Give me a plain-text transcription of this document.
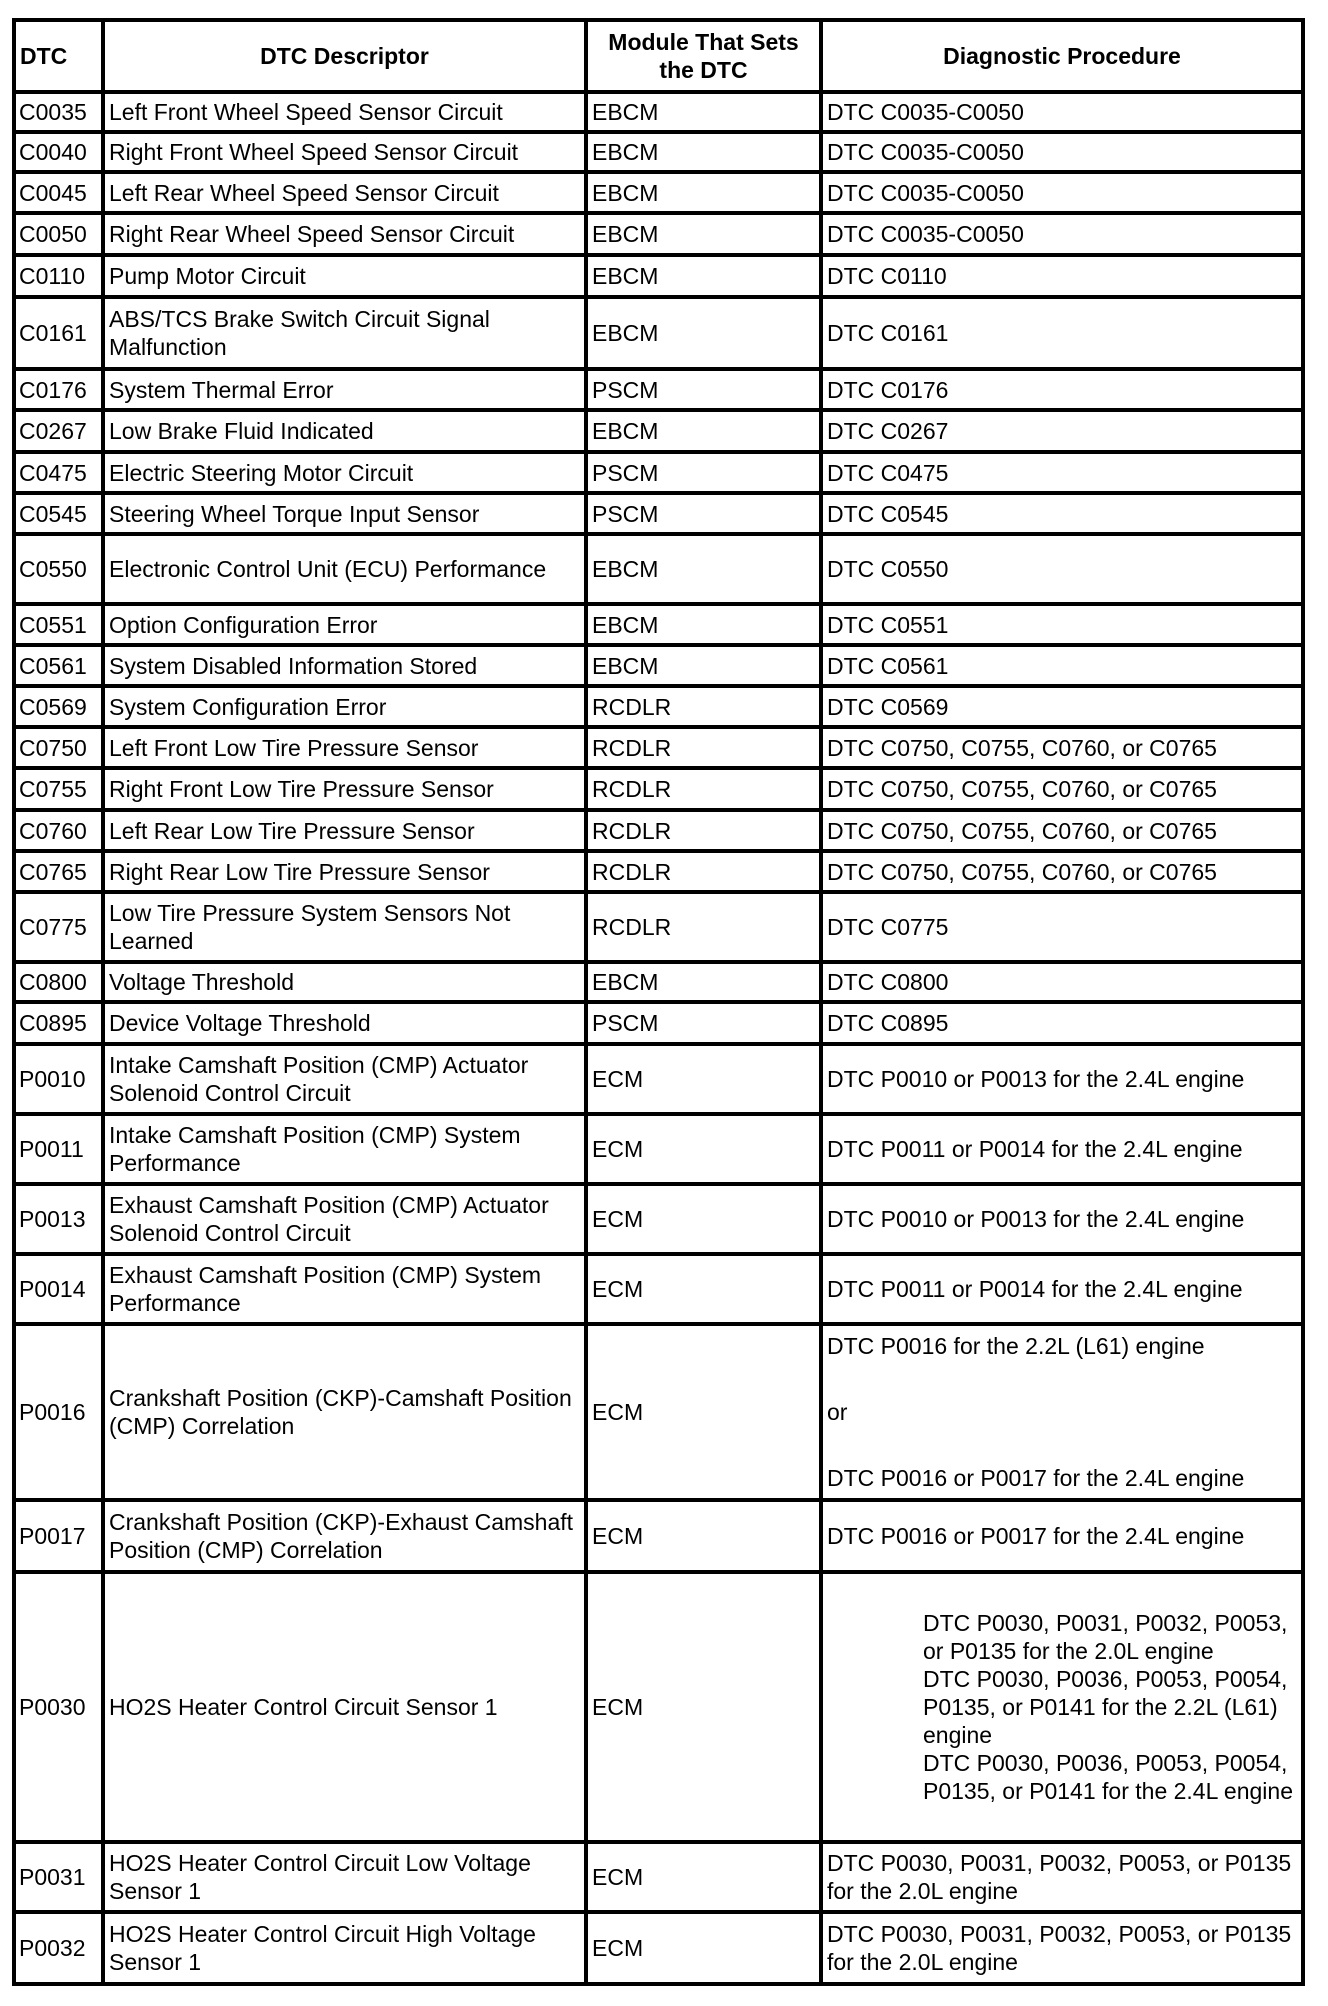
DTC	DTC Descriptor	Module That Sets the DTC	Diagnostic Procedure
C0035	Left Front Wheel Speed Sensor Circuit	EBCM	DTC C0035-C0050
C0040	Right Front Wheel Speed Sensor Circuit	EBCM	DTC C0035-C0050
C0045	Left Rear Wheel Speed Sensor Circuit	EBCM	DTC C0035-C0050
C0050	Right Rear Wheel Speed Sensor Circuit	EBCM	DTC C0035-C0050
C0110	Pump Motor Circuit	EBCM	DTC C0110
C0161	ABS/TCS Brake Switch Circuit Signal Malfunction	EBCM	DTC C0161
C0176	System Thermal Error	PSCM	DTC C0176
C0267	Low Brake Fluid Indicated	EBCM	DTC C0267
C0475	Electric Steering Motor Circuit	PSCM	DTC C0475
C0545	Steering Wheel Torque Input Sensor	PSCM	DTC C0545
C0550	Electronic Control Unit (ECU) Performance	EBCM	DTC C0550
C0551	Option Configuration Error	EBCM	DTC C0551
C0561	System Disabled Information Stored	EBCM	DTC C0561
C0569	System Configuration Error	RCDLR	DTC C0569
C0750	Left Front Low Tire Pressure Sensor	RCDLR	DTC C0750, C0755, C0760, or C0765
C0755	Right Front Low Tire Pressure Sensor	RCDLR	DTC C0750, C0755, C0760, or C0765
C0760	Left Rear Low Tire Pressure Sensor	RCDLR	DTC C0750, C0755, C0760, or C0765
C0765	Right Rear Low Tire Pressure Sensor	RCDLR	DTC C0750, C0755, C0760, or C0765
C0775	Low Tire Pressure System Sensors Not Learned	RCDLR	DTC C0775
C0800	Voltage Threshold	EBCM	DTC C0800
C0895	Device Voltage Threshold	PSCM	DTC C0895
P0010	Intake Camshaft Position (CMP) Actuator Solenoid Control Circuit	ECM	DTC P0010 or P0013 for the 2.4L engine
P0011	Intake Camshaft Position (CMP) System Performance	ECM	DTC P0011 or P0014 for the 2.4L engine
P0013	Exhaust Camshaft Position (CMP) Actuator Solenoid Control Circuit	ECM	DTC P0010 or P0013 for the 2.4L engine
P0014	Exhaust Camshaft Position (CMP) System Performance	ECM	DTC P0011 or P0014 for the 2.4L engine
P0016	Crankshaft Position (CKP)-Camshaft Position (CMP) Correlation	ECM	DTC P0016 for the 2.2L (L61) engine
or
DTC P0016 or P0017 for the 2.4L engine

P0017	Crankshaft Position (CKP)-Exhaust Camshaft Position (CMP) Correlation	ECM	DTC P0016 or P0017 for the 2.4L engine
P0030	HO2S Heater Control Circuit Sensor 1	ECM	DTC P0030, P0031, P0032, P0053, or P0135 for the 2.0L engine
DTC P0030, P0036, P0053, P0054, P0135, or P0141 for the 2.2L (L61) engine
DTC P0030, P0036, P0053, P0054, P0135, or P0141 for the 2.4L engine

P0031	HO2S Heater Control Circuit Low Voltage Sensor 1	ECM	DTC P0030, P0031, P0032, P0053, or P0135 for the 2.0L engine
P0032	HO2S Heater Control Circuit High Voltage Sensor 1	ECM	DTC P0030, P0031, P0032, P0053, or P0135 for the 2.0L engine
